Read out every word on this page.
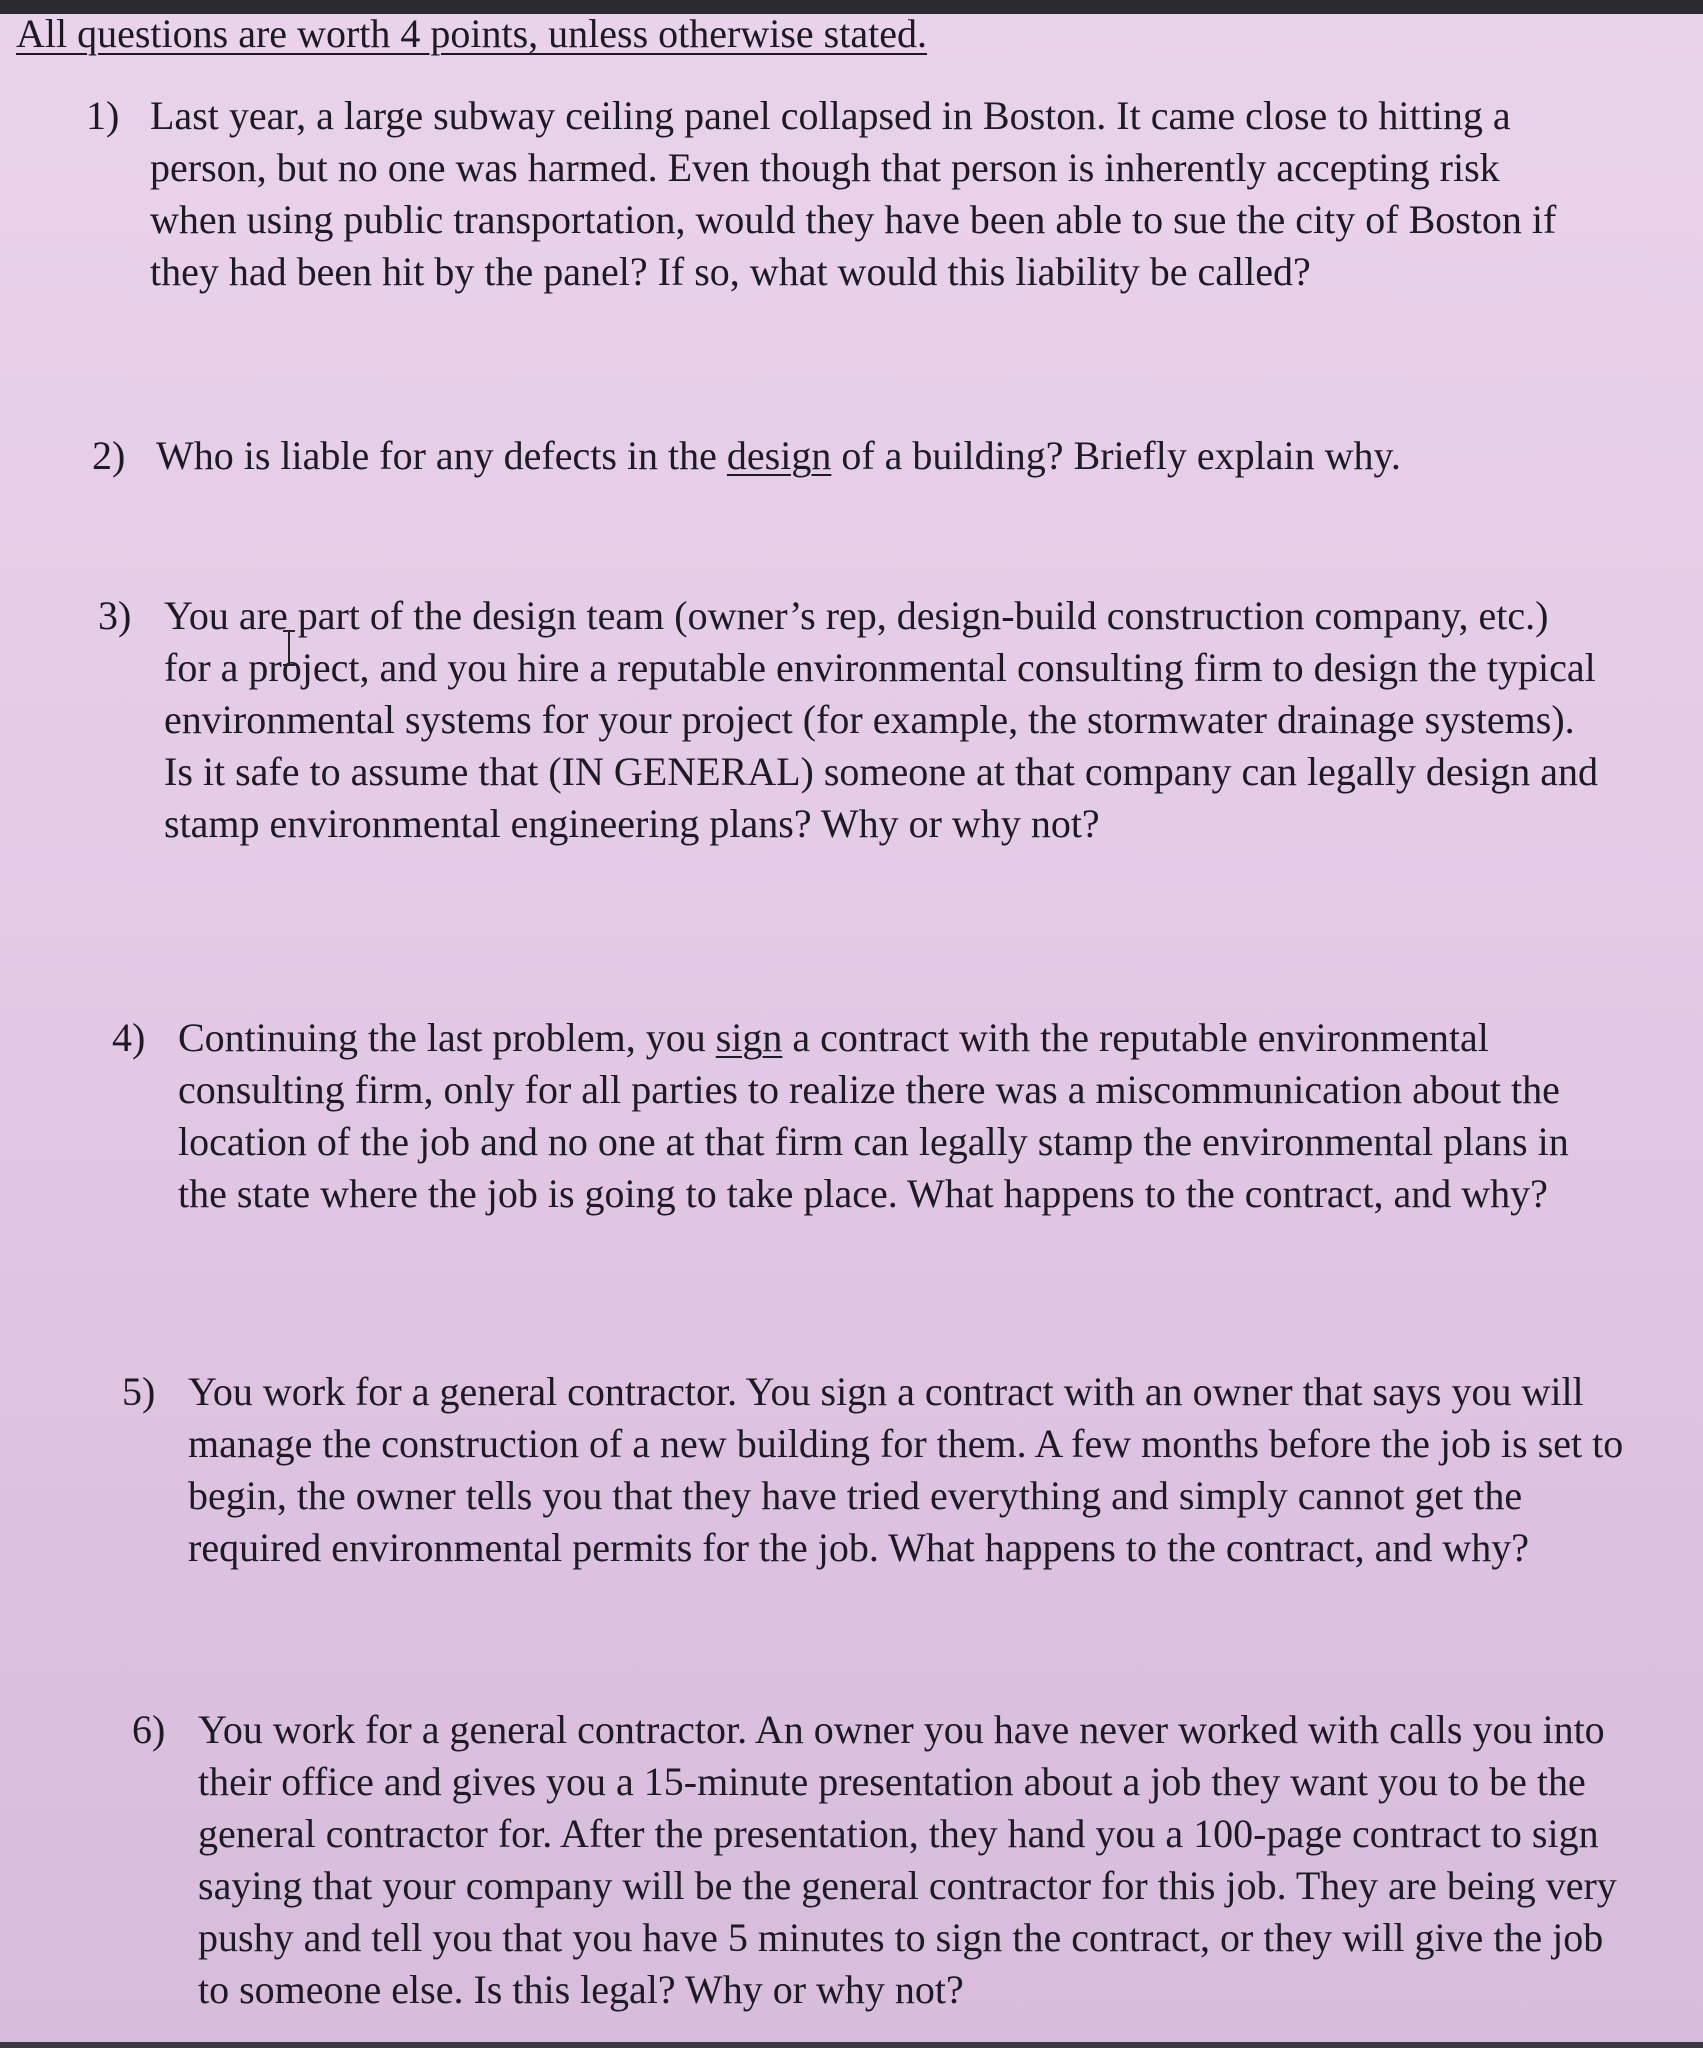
All questions are worth 4 points, unless otherwise stated.
1) Last year, a large subway ceiling panel collapsed in Boston. It came close to hitting a
person, but no one was harmed. Even though that person is inherently accepting risk
when using public transportation, would they have been able to sue the city of Boston if
they had been hit by the panel? If so, what would this liability be called?
2) Who is liable for any defects in the design of a building? Briefly explain why.
3) You are part of the design team (owner’s rep, design-build construction company, etc.)
for a project, and you hire a reputable environmental consulting firm to design the typical
environmental systems for your project (for example, the stormwater drainage systems).
Is it safe to assume that (IN GENERAL) someone at that company can legally design and
stamp environmental engineering plans? Why or why not?
4) Continuing the last problem, you sign a contract with the reputable environmental
consulting firm, only for all parties to realize there was a miscommunication about the
location of the job and no one at that firm can legally stamp the environmental plans in
the state where the job is going to take place. What happens to the contract, and why?
5) You work for a general contractor. You sign a contract with an owner that says you will
manage the construction of a new building for them. A few months before the job is set to
begin, the owner tells you that they have tried everything and simply cannot get the
required environmental permits for the job. What happens to the contract, and why?
6) You work for a general contractor. An owner you have never worked with calls you into
their office and gives you a 15-minute presentation about a job they want you to be the
general contractor for. After the presentation, they hand you a 100-page contract to sign
saying that your company will be the general contractor for this job. They are being very
pushy and tell you that you have 5 minutes to sign the contract, or they will give the job
to someone else. Is this legal? Why or why not?
